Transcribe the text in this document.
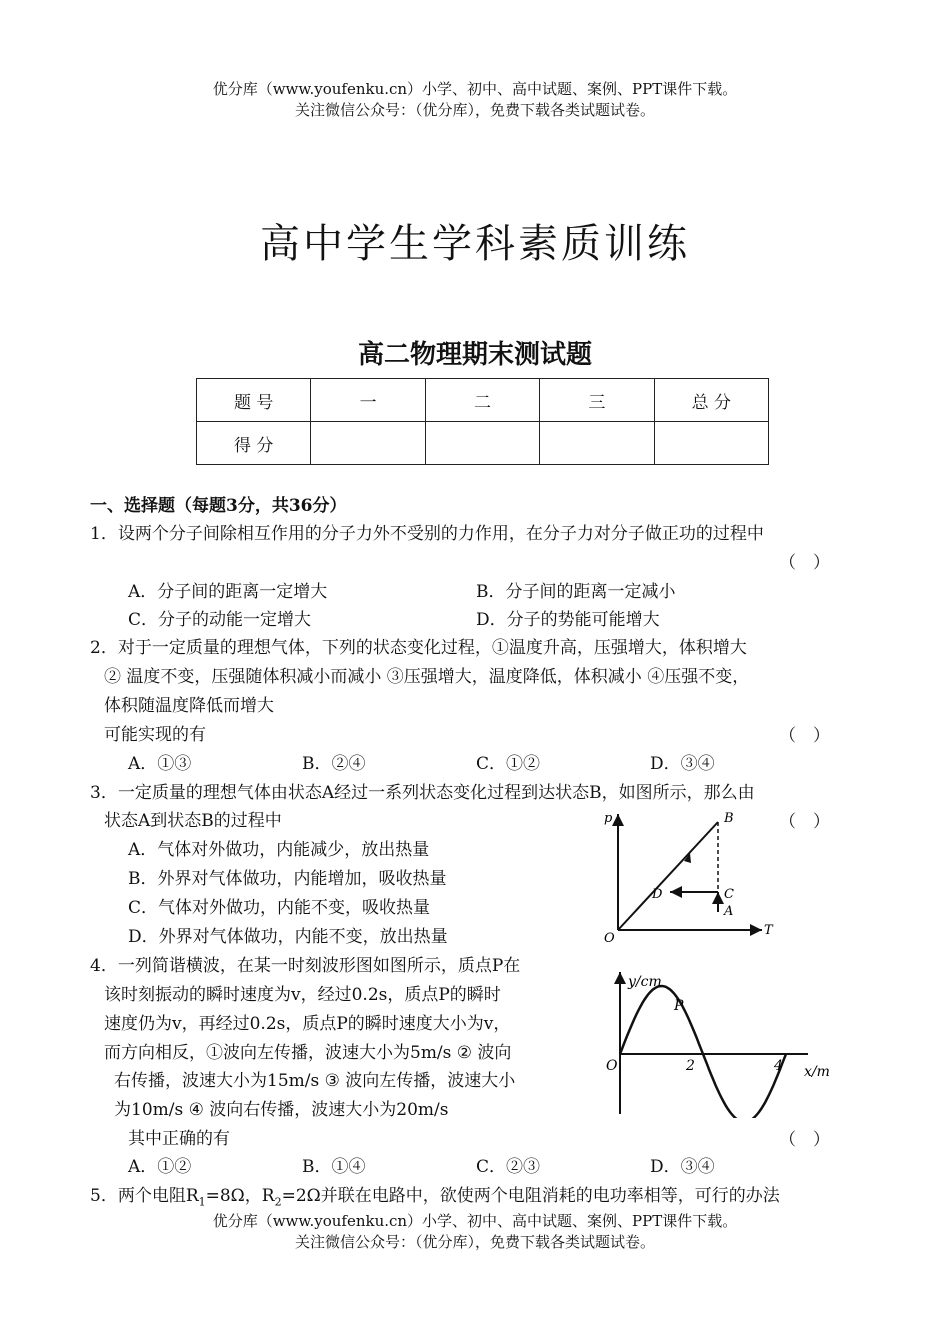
优分库（www.youfenku.cn）小学、初中、高中试题、案例、PPT课件下载。
关注微信公众号：（优分库），免费下载各类试题试卷。
高中学生学科素质训练
高二物理期末测试题
题 号	一	二	三	总 分
得 分				
一、选择题（每题3分，共36分）
1．设两个分子间除相互作用的分子力外不受别的力作用，在分子力对分子做正功的过程中
（　）
A．分子间的距离一定增大	B．分子间的距离一定减小
C．分子的动能一定增大	D．分子的势能可能增大
2．对于一定质量的理想气体，下列的状态变化过程，①温度升高，压强增大，体积增大
② 温度不变，压强随体积减小而减小 ③压强增大，温度降低，体积减小 ④压强不变，
体积随温度降低而增大
可能实现的有	（　）
A．①③	B．②④	C．①②	D．③④
3．一定质量的理想气体由状态A经过一系列状态变化过程到达状态B，如图所示，那么由
状态A到状态B的过程中	（　）
A．气体对外做功，内能减少，放出热量
B．外界对气体做功，内能增加，吸收热量
C．气体对外做功，内能不变，吸收热量
D．外界对气体做功，内能不变，放出热量
p
T
O
B
C
A
D
4．一列简谐横波，在某一时刻波形图如图所示，质点P在
该时刻振动的瞬时速度为v，经过0.2s，质点P的瞬时
速度仍为v，再经过0.2s，质点P的瞬时速度大小为v，
而方向相反，①波向左传播，波速大小为5m/s ② 波向
右传播，波速大小为15m/s ③ 波向左传播，波速大小
为10m/s ④ 波向右传播，波速大小为20m/s
其中正确的有	（　）
A．①②	B．①④	C．②③	D．③④
y/cm
x/m
O	2	4
P
5．两个电阻$R_1=8\Omega$，$R_2=2\Omega$并联在电路中，欲使两个电阻消耗的电功率相等，可行的办法
优分库（www.youfenku.cn）小学、初中、高中试题、案例、PPT课件下载。
关注微信公众号：（优分库），免费下载各类试题试卷。
